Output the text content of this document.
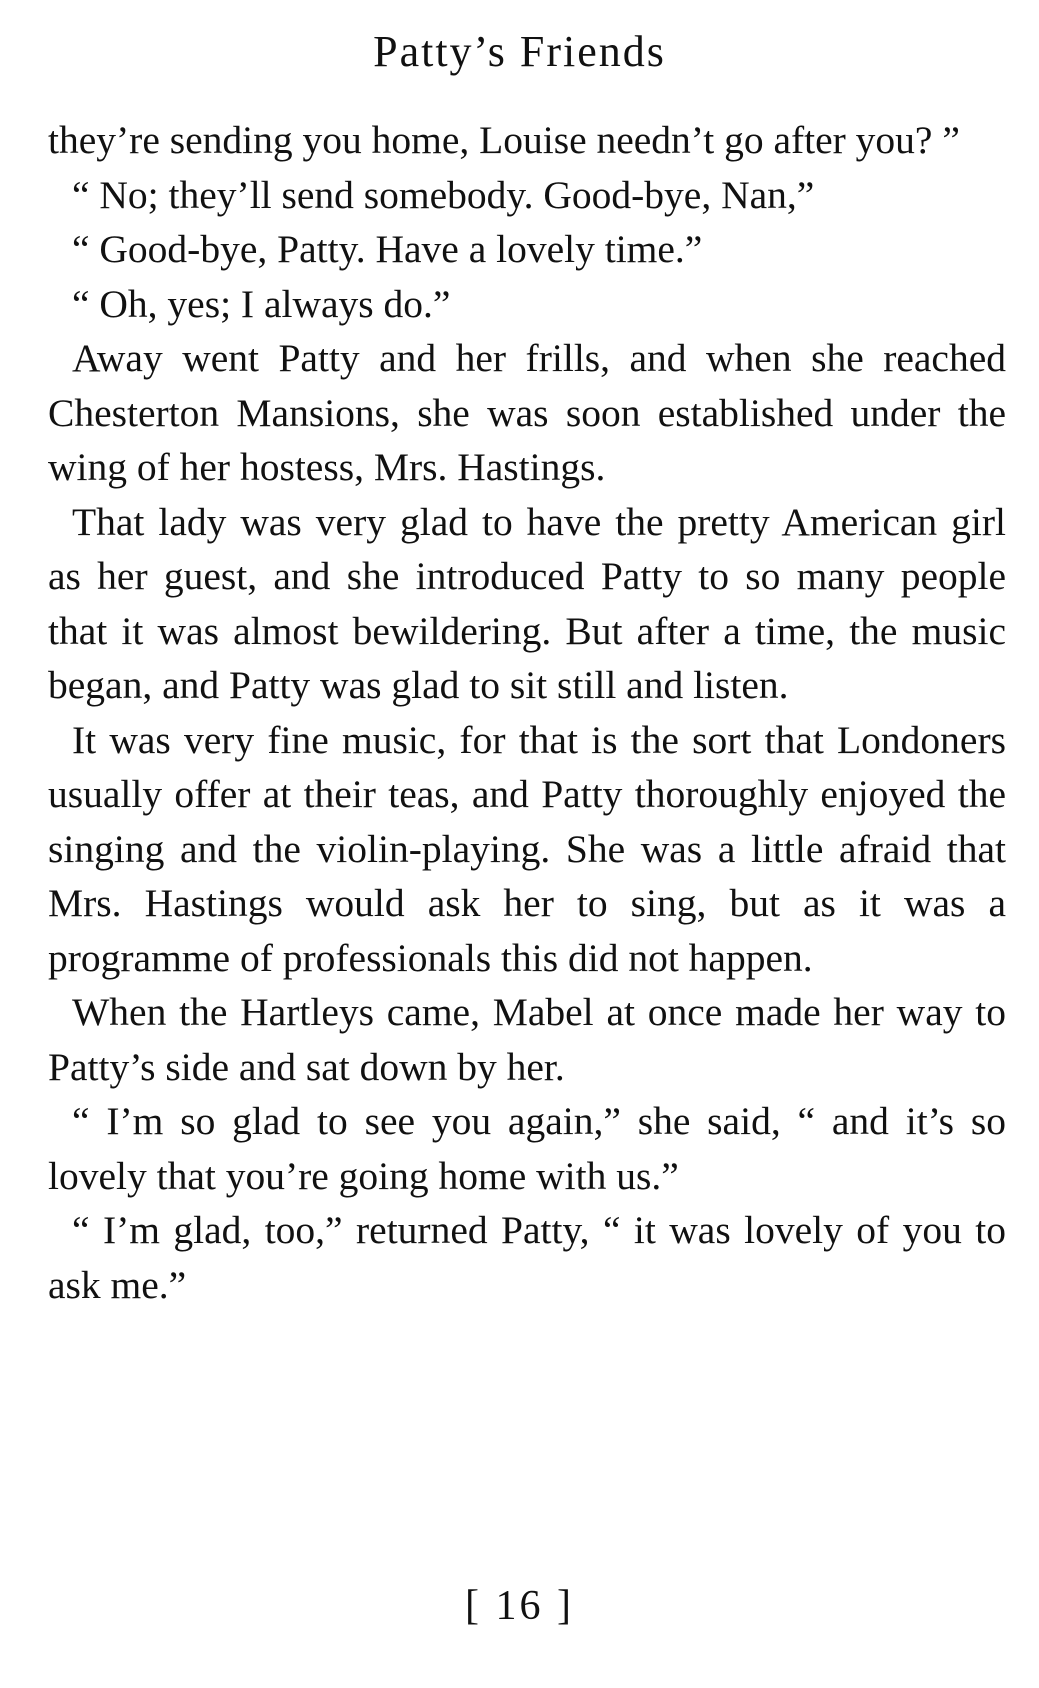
Patty’s Friends

they’re sending you home, Louise needn’t go after you? ”

“ No; they’ll send somebody. Good-bye, Nan,”

“ Good-bye, Patty. Have a lovely time.”

“ Oh, yes; I always do.”

Away went Patty and her frills, and when she reached Chesterton Mansions, she was soon established under the wing of her hostess, Mrs. Hastings.

That lady was very glad to have the pretty American girl as her guest, and she introduced Patty to so many people that it was almost bewildering. But after a time, the music began, and Patty was glad to sit still and listen.

It was very fine music, for that is the sort that Londoners usually offer at their teas, and Patty thoroughly enjoyed the singing and the violin-playing. She was a little afraid that Mrs. Hastings would ask her to sing, but as it was a programme of professionals this did not happen.

When the Hartleys came, Mabel at once made her way to Patty’s side and sat down by her.

“ I’m so glad to see you again,” she said, “ and it’s so lovely that you’re going home with us.”

“ I’m glad, too,” returned Patty, “ it was lovely of you to ask me.”

[ 16 ]
